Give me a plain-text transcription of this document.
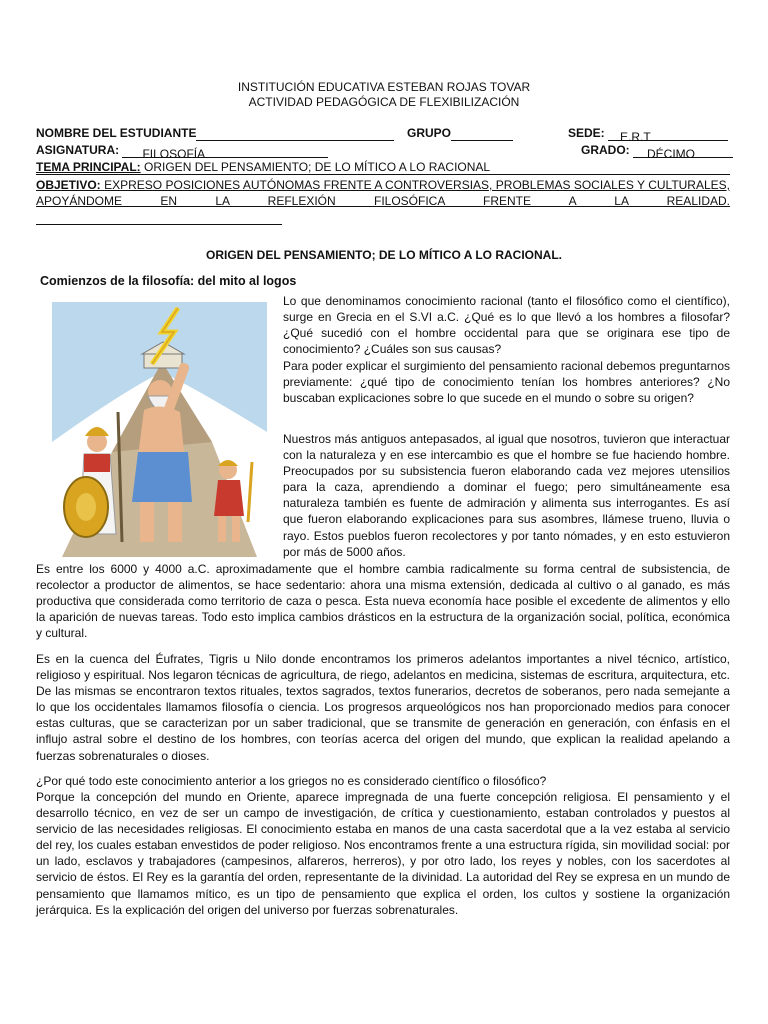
INSTITUCIÓN EDUCATIVA ESTEBAN ROJAS TOVAR
ACTIVIDAD PEDAGÓGICA DE FLEXIBILIZACIÓN
NOMBRE DEL ESTUDIANTE	GRUPO	SEDE: E.R.T
ASIGNATURA: FILOSOFÍA	GRADO: DÉCIMO
TEMA PRINCIPAL: ORIGEN DEL PENSAMIENTO; DE LO MÍTICO A LO RACIONAL
OBJETIVO: EXPRESO POSICIONES AUTÓNOMAS FRENTE A CONTROVERSIAS, PROBLEMAS SOCIALES Y CULTURALES,
APOYÁNDOME EN LA REFLEXIÓN FILOSÓFICA FRENTE A LA REALIDAD.
ORIGEN DEL PENSAMIENTO; DE LO MÍTICO A LO RACIONAL.
Comienzos de la filosofía: del mito al logos

Lo que denominamos conocimiento racional (tanto el filosófico como el científico), surge en Grecia en el S.VI a.C. ¿Qué es lo que llevó a los hombres a filosofar? ¿Qué sucedió con el hombre occidental para que se originara ese tipo de conocimiento? ¿Cuáles son sus causas?

Para poder explicar el surgimiento del pensamiento racional debemos preguntarnos previamente: ¿qué tipo de conocimiento tenían los hombres anteriores? ¿No buscaban explicaciones sobre lo que sucede en el mundo o sobre su origen?

Nuestros más antiguos antepasados, al igual que nosotros, tuvieron que interactuar con la naturaleza y en ese intercambio es que el hombre se fue haciendo hombre. Preocupados por su subsistencia fueron elaborando cada vez mejores utensilios para la caza, aprendiendo a dominar el fuego; pero simultáneamente esa naturaleza también es fuente de admiración y alimenta sus interrogantes. Es así que fueron elaborando explicaciones para sus asombres, llámese trueno, lluvia o rayo. Estos pueblos fueron recolectores y por tanto nómades, y en esto estuvieron por más de 5000 años.

Es entre los 6000 y 4000 a.C. aproximadamente que el hombre cambia radicalmente su forma central de subsistencia, de recolector a productor de alimentos, se hace sedentario: ahora una misma extensión, dedicada al cultivo o al ganado, es más productiva que considerada como territorio de caza o pesca. Esta nueva economía hace posible el excedente de alimentos y ello la aparición de nuevas tareas. Todo esto implica cambios drásticos en la estructura de la organización social, política, económica y cultural.

Es en la cuenca del Éufrates, Tigris u Nilo donde encontramos los primeros adelantos importantes a nivel técnico, artístico, religioso y espiritual. Nos legaron técnicas de agricultura, de riego, adelantos en medicina, sistemas de escritura, arquitectura, etc. De las mismas se encontraron textos rituales, textos sagrados, textos funerarios, decretos de soberanos, pero nada semejante a lo que los occidentales llamamos filosofía o ciencia. Los progresos arqueológicos nos han proporcionado medios para conocer estas culturas, que se caracterizan por un saber tradicional, que se transmite de generación en generación, con énfasis en el influjo astral sobre el destino de los hombres, con teorías acerca del origen del mundo, que explican la realidad apelando a fuerzas sobrenaturales o dioses.

¿Por qué todo este conocimiento anterior a los griegos no es considerado científico o filosófico?

Porque la concepción del mundo en Oriente, aparece impregnada de una fuerte concepción religiosa. El pensamiento y el desarrollo técnico, en vez de ser un campo de investigación, de crítica y cuestionamiento, estaban controlados y puestos al servicio de las necesidades religiosas. El conocimiento estaba en manos de una casta sacerdotal que a la vez estaba al servicio del rey, los cuales estaban envestidos de poder religioso. Nos encontramos frente a una estructura rígida, sin movilidad social: por un lado, esclavos y trabajadores (campesinos, alfareros, herreros), y por otro lado, los reyes y nobles, con los sacerdotes al servicio de éstos. El Rey es la garantía del orden, representante de la divinidad. La autoridad del Rey se expresa en un mundo de pensamiento que llamamos mítico, es un tipo de pensamiento que explica el orden, los cultos y sostiene la organización jerárquica. Es la explicación del origen del universo por fuerzas sobrenaturales.
